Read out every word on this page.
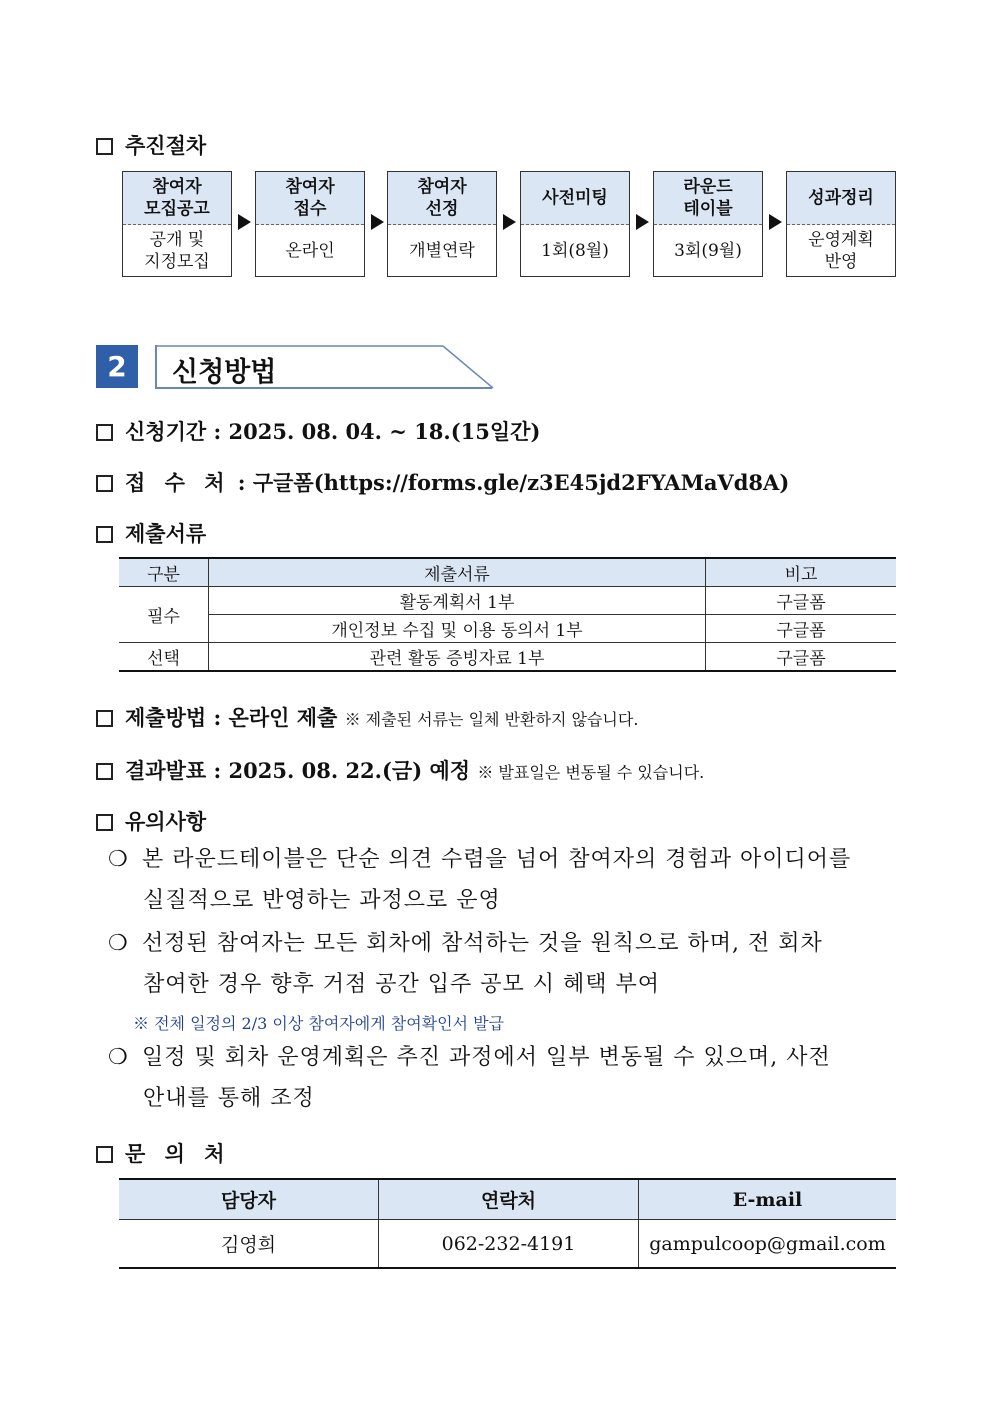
추진절차
참여자
모집공고
공개 및
지정모집
참여자
접수
온라인
참여자
선정
개별연락
사전미팅
1회(8월)
라운드
테이블
3회(9월)
성과정리
운영계획
반영
2	신청방법
신청기간 : 2025. 08. 04. ~ 18.(15일간)
접 수 처 : 구글폼(https://forms.gle/z3E45jd2FYAMaVd8A)
제출서류
구분	제출서류	비고
필수	활동계획서 1부	구글폼
	개인정보 수집 및 이용 동의서 1부	구글폼
선택	관련 활동 증빙자료 1부	구글폼
제출방법 : 온라인 제출 ※ 제출된 서류는 일체 반환하지 않습니다.
결과발표 : 2025. 08. 22.(금) 예정 ※ 발표일은 변동될 수 있습니다.
유의사항
❍ 본 라운드테이블은 단순 의견 수렴을 넘어 참여자의 경험과 아이디어를
실질적으로 반영하는 과정으로 운영
❍ 선정된 참여자는 모든 회차에 참석하는 것을 원칙으로 하며, 전 회차
참여한 경우 향후 거점 공간 입주 공모 시 혜택 부여
※ 전체 일정의 2/3 이상 참여자에게 참여확인서 발급
❍ 일정 및 회차 운영계획은 추진 과정에서 일부 변동될 수 있으며, 사전
안내를 통해 조정
문 의 처
담당자	연락처	E-mail
김영희	062-232-4191	gampulcoop@gmail.com
